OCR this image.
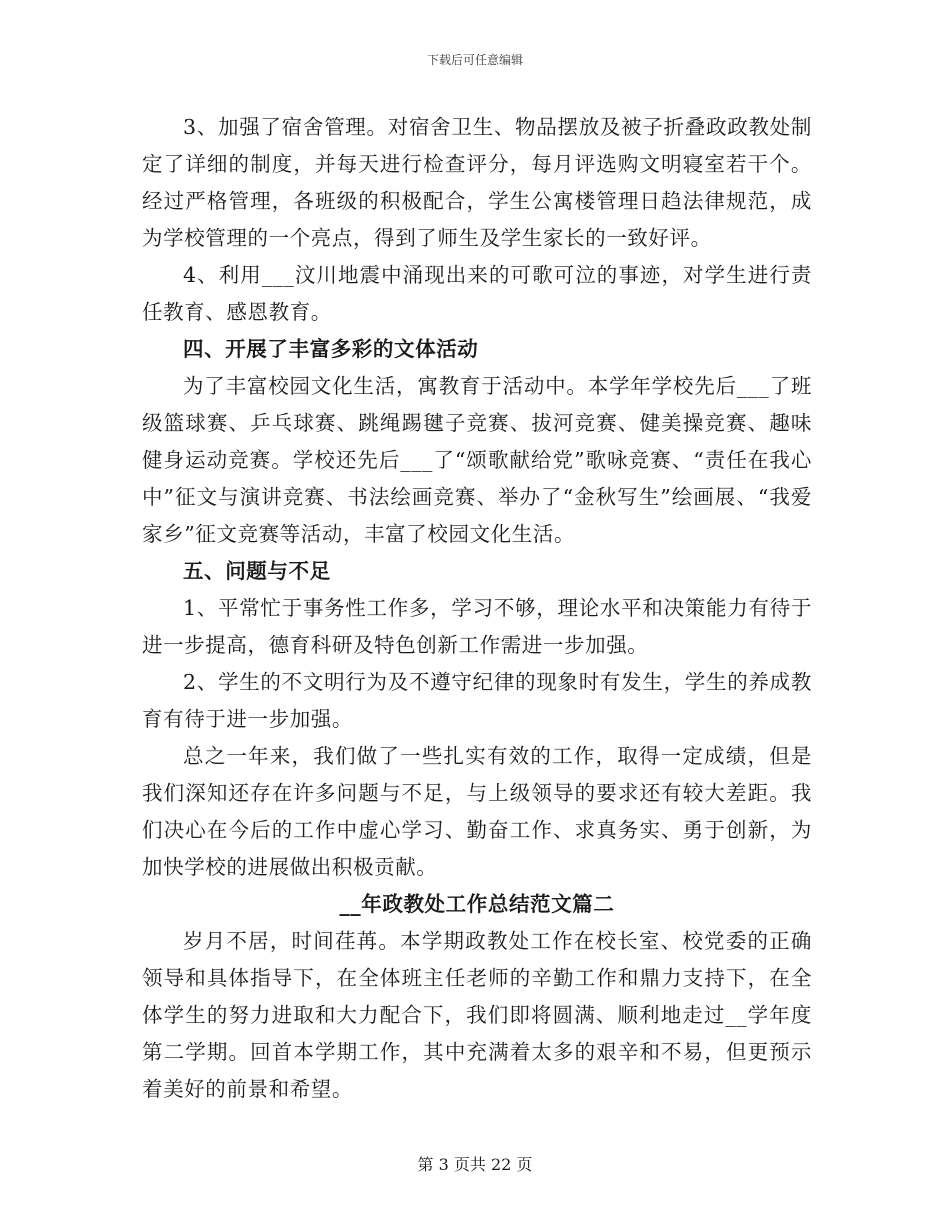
下载后可任意编辑

3、加强了宿舍管理。对宿舍卫生、物品摆放及被子折叠政政教处制定了详细的制度，并每天进行检查评分，每月评选购文明寝室若干个。经过严格管理，各班级的积极配合，学生公寓楼管理日趋法律规范，成为学校管理的一个亮点，得到了师生及学生家长的一致好评。

4、利用___汶川地震中涌现出来的可歌可泣的事迹，对学生进行责任教育、感恩教育。

四、开展了丰富多彩的文体活动

为了丰富校园文化生活，寓教育于活动中。本学年学校先后___了班级篮球赛、乒乓球赛、跳绳踢毽子竞赛、拔河竞赛、健美操竞赛、趣味健身运动竞赛。学校还先后___了“颂歌献给党”歌咏竞赛、“责任在我心中”征文与演讲竞赛、书法绘画竞赛、举办了“金秋写生”绘画展、“我爱家乡”征文竞赛等活动，丰富了校园文化生活。

五、问题与不足

1、平常忙于事务性工作多，学习不够，理论水平和决策能力有待于进一步提高，德育科研及特色创新工作需进一步加强。

2、学生的不文明行为及不遵守纪律的现象时有发生，学生的养成教育有待于进一步加强。

总之一年来，我们做了一些扎实有效的工作，取得一定成绩，但是我们深知还存在许多问题与不足，与上级领导的要求还有较大差距。我们决心在今后的工作中虚心学习、勤奋工作、求真务实、勇于创新，为加快学校的进展做出积极贡献。

__年政教处工作总结范文篇二

岁月不居，时间荏苒。本学期政教处工作在校长室、校党委的正确领导和具体指导下，在全体班主任老师的辛勤工作和鼎力支持下，在全体学生的努力进取和大力配合下，我们即将圆满、顺利地走过__学年度第二学期。回首本学期工作，其中充满着太多的艰辛和不易，但更预示着美好的前景和希望。

第 3 页共 22 页
